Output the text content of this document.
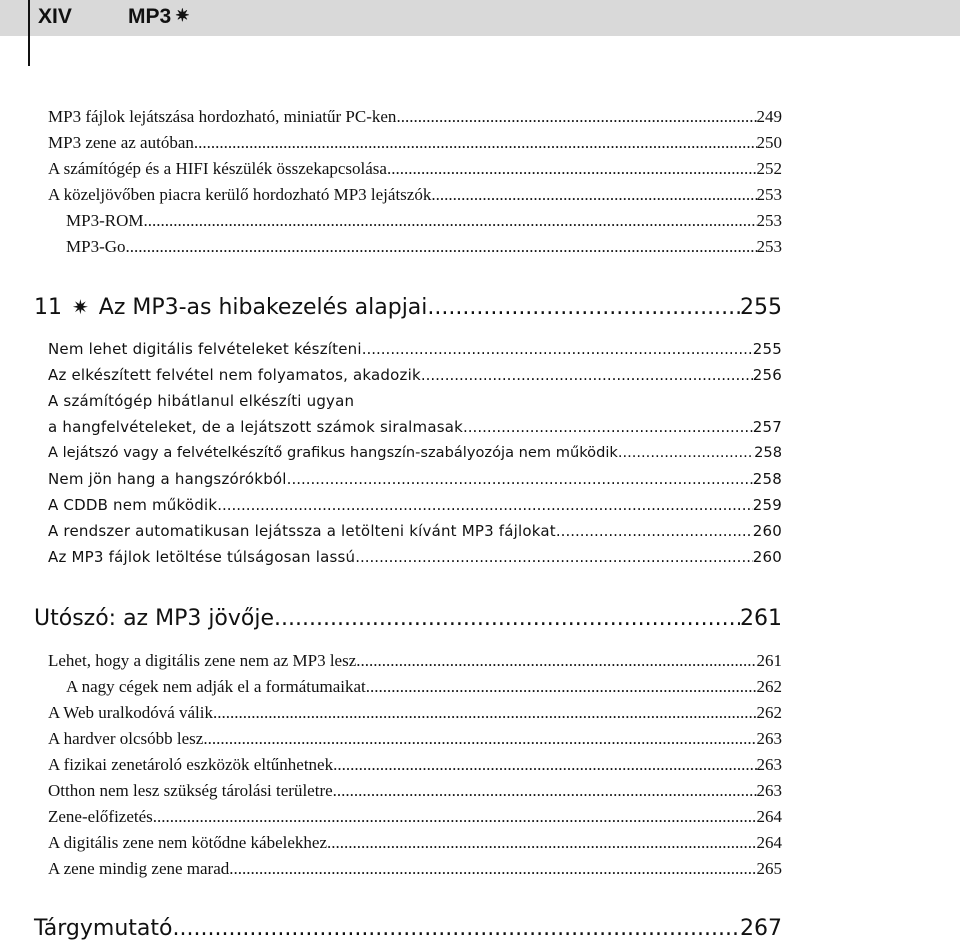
XIV	MP3 ✷
MP3 fájlok lejátszása hordozható, miniatűr PC-ken .....	249
MP3 zene az autóban .....	250
A számítógép és a HIFI készülék összekapcsolása .....	252
A közeljövőben piacra kerülő hordozható MP3 lejátszók .....	253
MP3-ROM .....	253
MP3-Go .....	253
11 ✷ Az MP3-as hibakezelés alapjai .....	255
Nem lehet digitális felvételeket készíteni .....	255
Az elkészített felvétel nem folyamatos, akadozik .....	256
A számítógép hibátlanul elkészíti ugyan
a hangfelvételeket, de a lejátszott számok siralmasak .....	257
A lejátszó vagy a felvételkészítő grafikus hangszín-szabályozója nem működik .....	258
Nem jön hang a hangszórókból .....	258
A CDDB nem működik .....	259
A rendszer automatikusan lejátssza a letölteni kívánt MP3 fájlokat .....	260
Az MP3 fájlok letöltése túlságosan lassú .....	260
Utószó: az MP3 jövője .....	261
Lehet, hogy a digitális zene nem az MP3 lesz .....	261
A nagy cégek nem adják el a formátumaikat .....	262
A Web uralkodóvá válik .....	262
A hardver olcsóbb lesz .....	263
A fizikai zenetároló eszközök eltűnhetnek .....	263
Otthon nem lesz szükség tárolási területre .....	263
Zene-előfizetés .....	264
A digitális zene nem kötődne kábelekhez .....	264
A zene mindig zene marad .....	265
Tárgymutató .....	267
